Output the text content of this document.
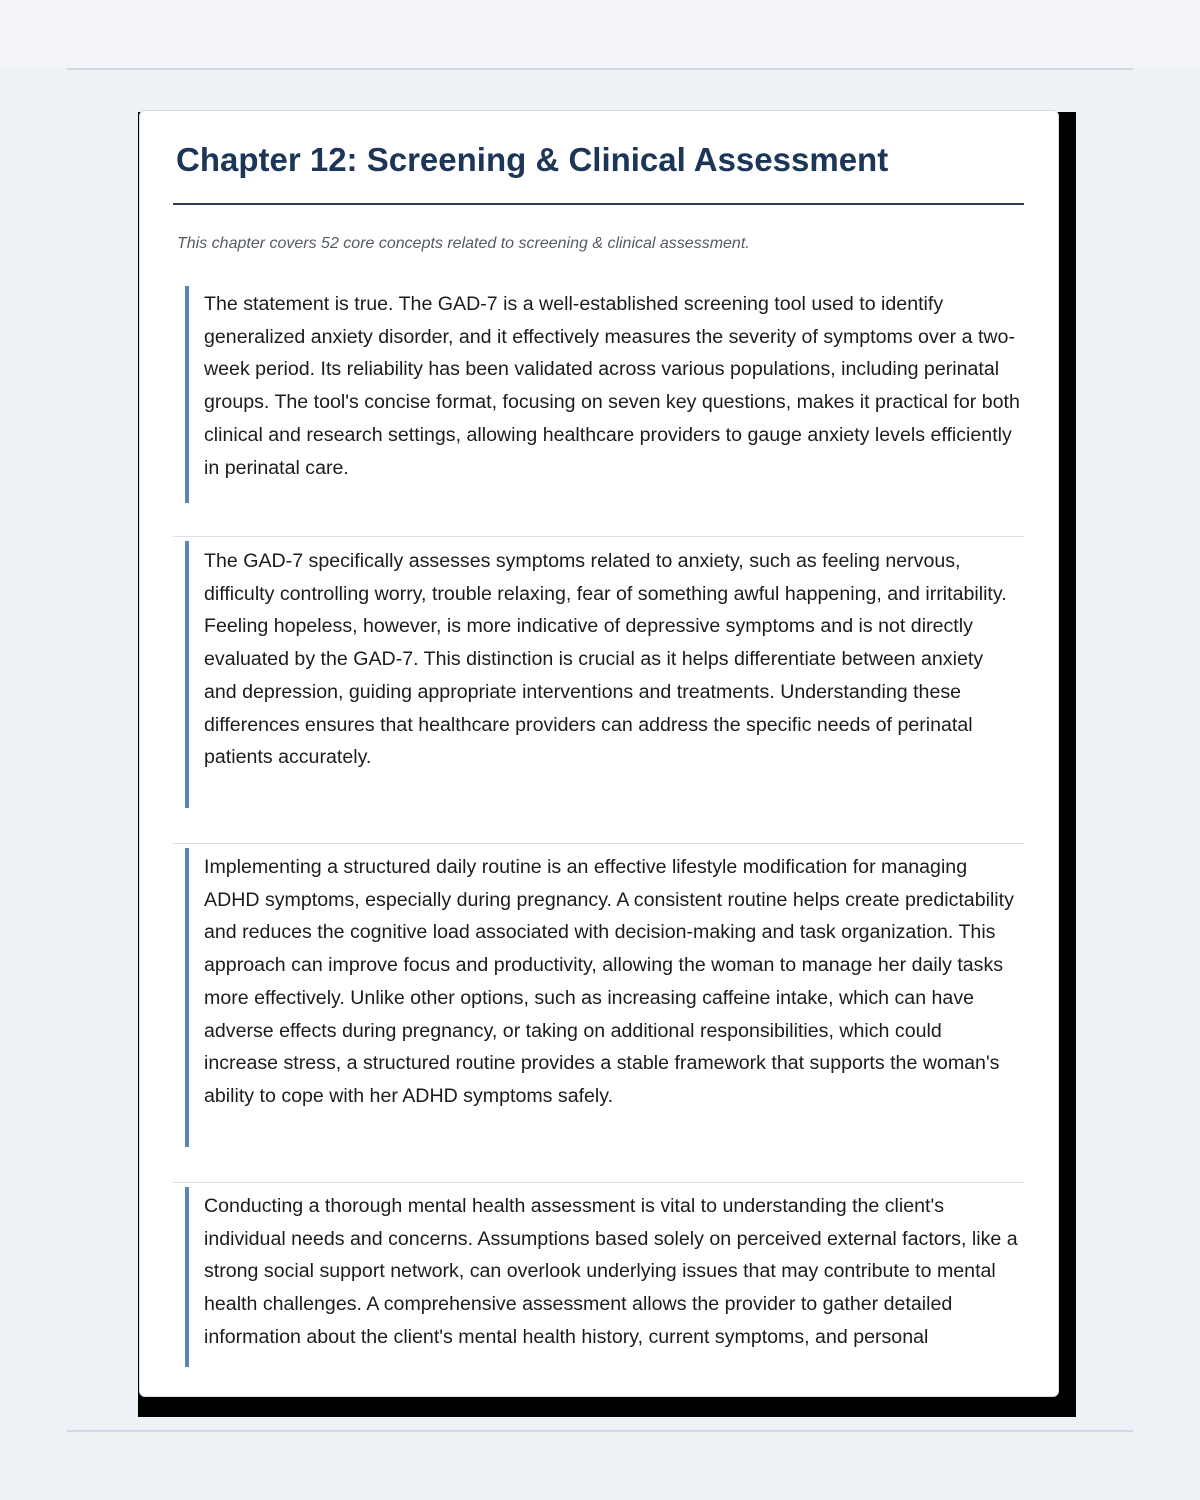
Chapter 12: Screening & Clinical Assessment

This chapter covers 52 core concepts related to screening & clinical assessment.

The statement is true. The GAD-7 is a well-established screening tool used to identify generalized anxiety disorder, and it effectively measures the severity of symptoms over a two-week period. Its reliability has been validated across various populations, including perinatal groups. The tool's concise format, focusing on seven key questions, makes it practical for both clinical and research settings, allowing healthcare providers to gauge anxiety levels efficiently in perinatal care.

The GAD-7 specifically assesses symptoms related to anxiety, such as feeling nervous, difficulty controlling worry, trouble relaxing, fear of something awful happening, and irritability. Feeling hopeless, however, is more indicative of depressive symptoms and is not directly evaluated by the GAD-7. This distinction is crucial as it helps differentiate between anxiety and depression, guiding appropriate interventions and treatments. Understanding these differences ensures that healthcare providers can address the specific needs of perinatal patients accurately.

Implementing a structured daily routine is an effective lifestyle modification for managing ADHD symptoms, especially during pregnancy. A consistent routine helps create predictability and reduces the cognitive load associated with decision-making and task organization. This approach can improve focus and productivity, allowing the woman to manage her daily tasks more effectively. Unlike other options, such as increasing caffeine intake, which can have adverse effects during pregnancy, or taking on additional responsibilities, which could increase stress, a structured routine provides a stable framework that supports the woman's ability to cope with her ADHD symptoms safely.

Conducting a thorough mental health assessment is vital to understanding the client's individual needs and concerns. Assumptions based solely on perceived external factors, like a strong social support network, can overlook underlying issues that may contribute to mental health challenges. A comprehensive assessment allows the provider to gather detailed information about the client's mental health history, current symptoms, and personal
